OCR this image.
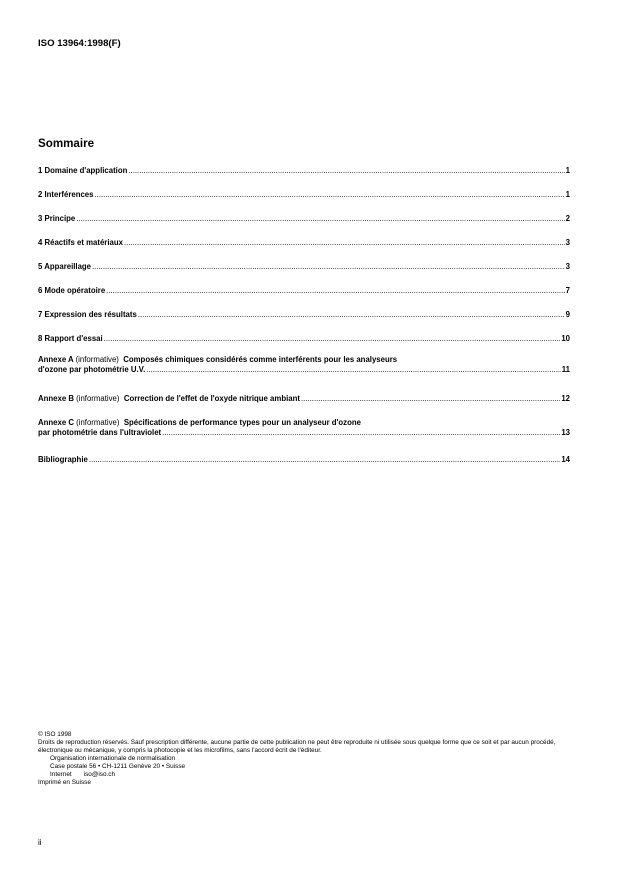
ISO 13964:1998(F)
Sommaire
1 Domaine d'application .....	1
2 Interférences .....	1
3 Principe .....	2
4 Réactifs et matériaux .....	3
5 Appareillage .....	3
6 Mode opératoire .....	7
7 Expression des résultats .....	9
8 Rapport d'essai .....	10
Annexe A (informative) Composés chimiques considérés comme interférents pour les analyseurs
d'ozone par photométrie U.V. .....	11
Annexe B
(informative)
Correction de l'effet de l'oxyde nitrique ambiant .....	12
Annexe C (informative) Spécifications de performance types pour un analyseur d'ozone
par photométrie dans l'ultraviolet .....	13
Bibliographie .....	14
© ISO 1998
Droits de reproduction réservés. Sauf prescription différente, aucune partie de cette publication ne peut être reproduite ni utilisée sous quelque forme que ce soit et par aucun procédé, électronique ou mécanique, y compris la photocopie et les microfilms, sans l'accord écrit de l'éditeur.
Organisation internationale de normalisation
Case postale 56 • CH-1211 Genève 20 • Suisse
Internet iso@iso.ch
Imprimé en Suisse
ii
